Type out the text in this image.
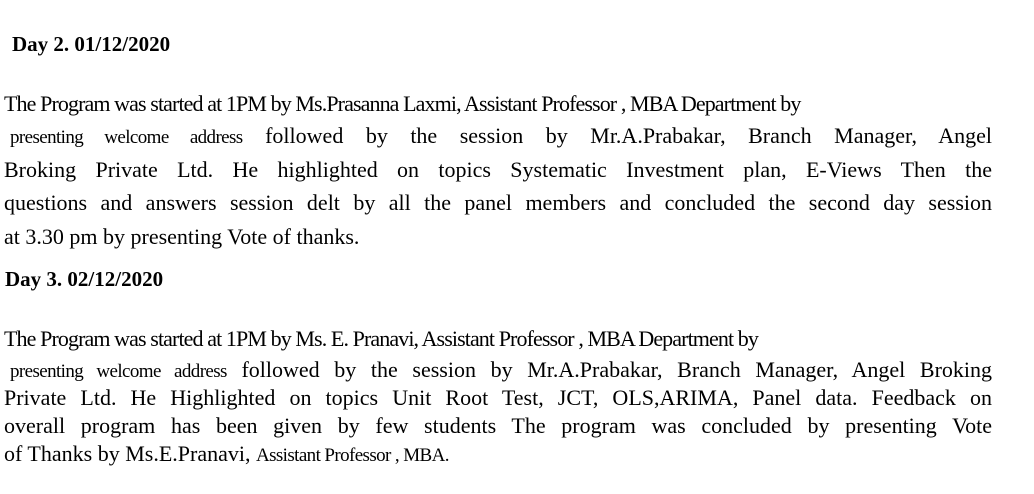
Day 2. 01/12/2020
The Program was started at 1PM by Ms.Prasanna Laxmi, Assistant Professor , MBA Department by
presenting welcome address followed by the session by Mr.A.Prabakar, Branch Manager, Angel
Broking Private Ltd. He highlighted on topics Systematic Investment plan, E-Views Then the
questions and answers session delt by all the panel members and concluded the second day session
at 3.30 pm by presenting Vote of thanks.
Day 3. 02/12/2020
The Program was started at 1PM by Ms. E. Pranavi, Assistant Professor , MBA Department by
presenting welcome address followed by the session by Mr.A.Prabakar, Branch Manager, Angel Broking
Private Ltd. He Highlighted on topics Unit Root Test, JCT, OLS,ARIMA, Panel data. Feedback on
overall program has been given by few students The program was concluded by presenting Vote
of Thanks by Ms.E.Pranavi, Assistant Professor , MBA.
